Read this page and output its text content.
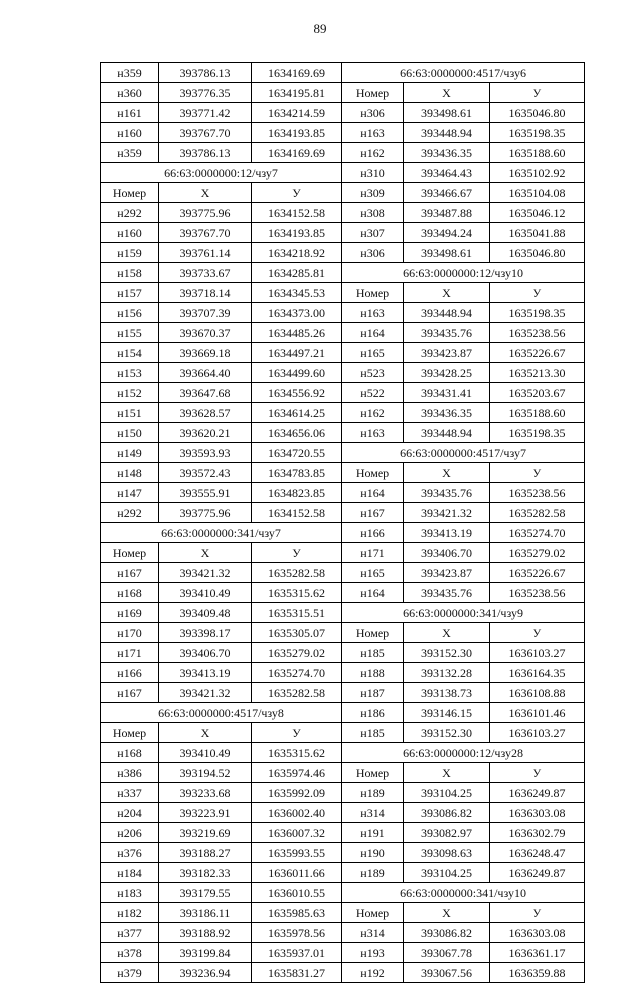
89
н359	393786.13	1634169.69	66:63:0000000:4517/чзу6		
н360	393776.35	1634195.81	Номер	Х	У
н161	393771.42	1634214.59	н306	393498.61	1635046.80
н160	393767.70	1634193.85	н163	393448.94	1635198.35
н359	393786.13	1634169.69	н162	393436.35	1635188.60
66:63:0000000:12/чзу7			н310	393464.43	1635102.92
Номер	Х	У	н309	393466.67	1635104.08
н292	393775.96	1634152.58	н308	393487.88	1635046.12
н160	393767.70	1634193.85	н307	393494.24	1635041.88
н159	393761.14	1634218.92	н306	393498.61	1635046.80
н158	393733.67	1634285.81	66:63:0000000:12/чзу10		
н157	393718.14	1634345.53	Номер	Х	У
н156	393707.39	1634373.00	н163	393448.94	1635198.35
н155	393670.37	1634485.26	н164	393435.76	1635238.56
н154	393669.18	1634497.21	н165	393423.87	1635226.67
н153	393664.40	1634499.60	н523	393428.25	1635213.30
н152	393647.68	1634556.92	н522	393431.41	1635203.67
н151	393628.57	1634614.25	н162	393436.35	1635188.60
н150	393620.21	1634656.06	н163	393448.94	1635198.35
н149	393593.93	1634720.55	66:63:0000000:4517/чзу7		
н148	393572.43	1634783.85	Номер	Х	У
н147	393555.91	1634823.85	н164	393435.76	1635238.56
н292	393775.96	1634152.58	н167	393421.32	1635282.58
66:63:0000000:341/чзу7			н166	393413.19	1635274.70
Номер	Х	У	н171	393406.70	1635279.02
н167	393421.32	1635282.58	н165	393423.87	1635226.67
н168	393410.49	1635315.62	н164	393435.76	1635238.56
н169	393409.48	1635315.51	66:63:0000000:341/чзу9		
н170	393398.17	1635305.07	Номер	Х	У
н171	393406.70	1635279.02	н185	393152.30	1636103.27
н166	393413.19	1635274.70	н188	393132.28	1636164.35
н167	393421.32	1635282.58	н187	393138.73	1636108.88
66:63:0000000:4517/чзу8			н186	393146.15	1636101.46
Номер	Х	У	н185	393152.30	1636103.27
н168	393410.49	1635315.62	66:63:0000000:12/чзу28		
н386	393194.52	1635974.46	Номер	Х	У
н337	393233.68	1635992.09	н189	393104.25	1636249.87
н204	393223.91	1636002.40	н314	393086.82	1636303.08
н206	393219.69	1636007.32	н191	393082.97	1636302.79
н376	393188.27	1635993.55	н190	393098.63	1636248.47
н184	393182.33	1636011.66	н189	393104.25	1636249.87
н183	393179.55	1636010.55	66:63:0000000:341/чзу10		
н182	393186.11	1635985.63	Номер	Х	У
н377	393188.92	1635978.56	н314	393086.82	1636303.08
н378	393199.84	1635937.01	н193	393067.78	1636361.17
н379	393236.94	1635831.27	н192	393067.56	1636359.88
